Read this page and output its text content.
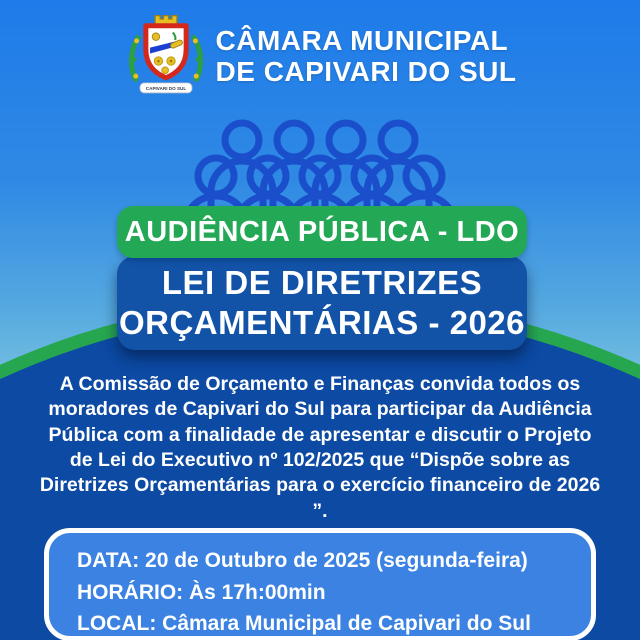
CAPIVARI DO SUL
CÂMARA MUNICIPAL
DE CAPIVARI DO SUL
AUDIÊNCIA PÚBLICA - LDO
LEI DE DIRETRIZES
ORÇAMENTÁRIAS - 2026
A Comissão de Orçamento e Finanças convida todos os moradores de Capivari do Sul para participar da Audiência Pública com a finalidade de apresentar e discutir o Projeto de Lei do Executivo nº 102/2025 que “Dispõe sobre as Diretrizes Orçamentárias para o exercício financeiro de 2026 ”.
DATA: 20 de Outubro de 2025 (segunda-feira)
HORÁRIO: Às 17h:00min
LOCAL: Câmara Municipal de Capivari do Sul
